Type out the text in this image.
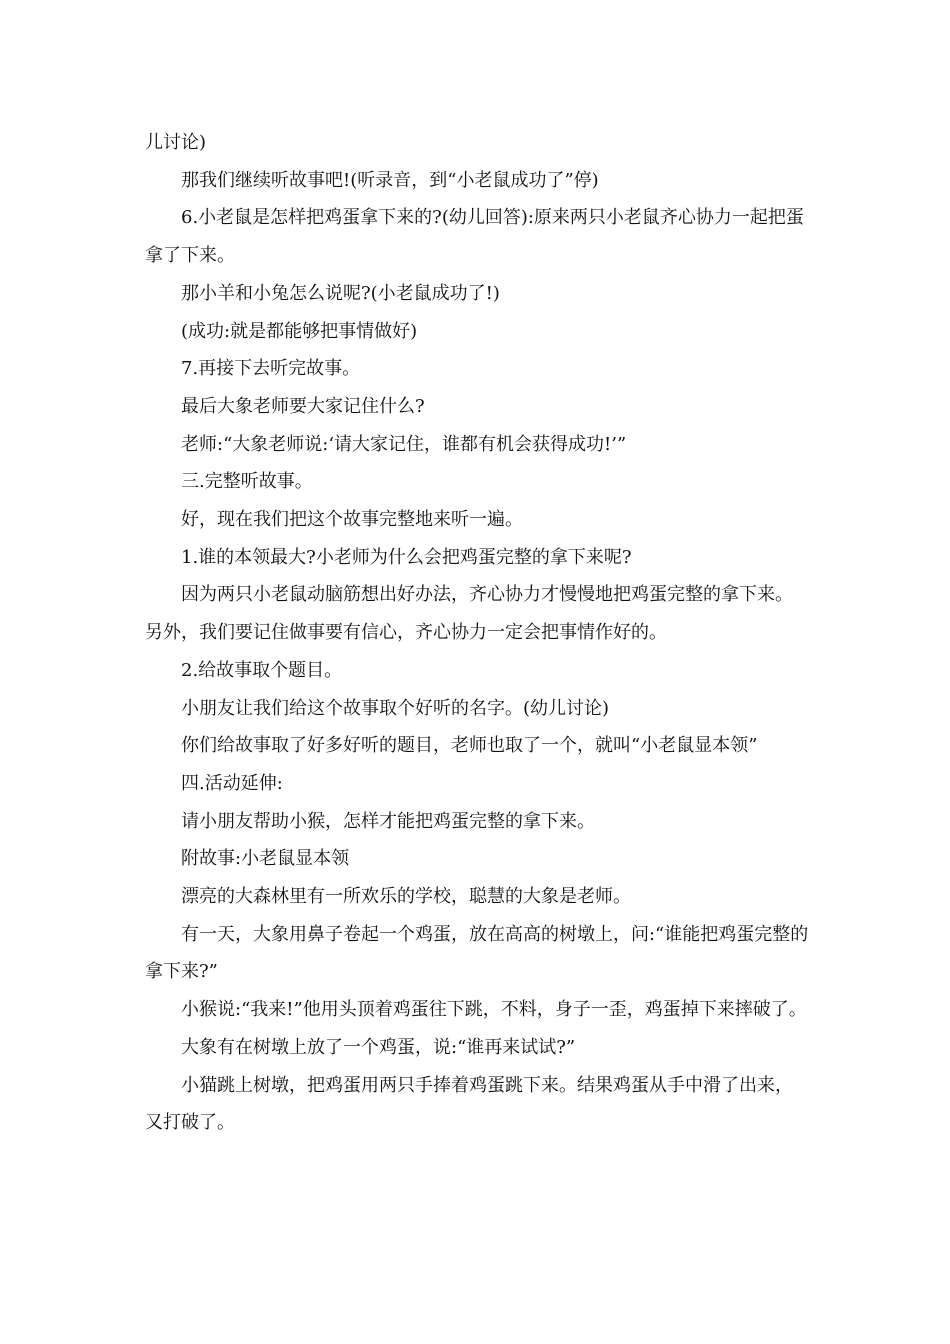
儿讨论)

那我们继续听故事吧!(听录音，到“小老鼠成功了”停)

6.小老鼠是怎样把鸡蛋拿下来的?(幼儿回答):原来两只小老鼠齐心协力一起把蛋拿了下来。

那小羊和小兔怎么说呢?(小老鼠成功了!)

(成功:就是都能够把事情做好)

7.再接下去听完故事。

最后大象老师要大家记住什么?

老师:“大象老师说:‘请大家记住，谁都有机会获得成功!’”

三.完整听故事。

好，现在我们把这个故事完整地来听一遍。

1.谁的本领最大?小老师为什么会把鸡蛋完整的拿下来呢?

因为两只小老鼠动脑筋想出好办法，齐心协力才慢慢地把鸡蛋完整的拿下来。另外，我们要记住做事要有信心，齐心协力一定会把事情作好的。

2.给故事取个题目。

小朋友让我们给这个故事取个好听的名字。(幼儿讨论)

你们给故事取了好多好听的题目，老师也取了一个，就叫“小老鼠显本领”

四.活动延伸:

请小朋友帮助小猴，怎样才能把鸡蛋完整的拿下来。

附故事:小老鼠显本领

漂亮的大森林里有一所欢乐的学校，聪慧的大象是老师。

有一天，大象用鼻子卷起一个鸡蛋，放在高高的树墩上，问:“谁能把鸡蛋完整的拿下来?”

小猴说:“我来!”他用头顶着鸡蛋往下跳，不料，身子一歪，鸡蛋掉下来摔破了。

大象有在树墩上放了一个鸡蛋，说:“谁再来试试?”

小猫跳上树墩，把鸡蛋用两只手捧着鸡蛋跳下来。结果鸡蛋从手中滑了出来，又打破了。
